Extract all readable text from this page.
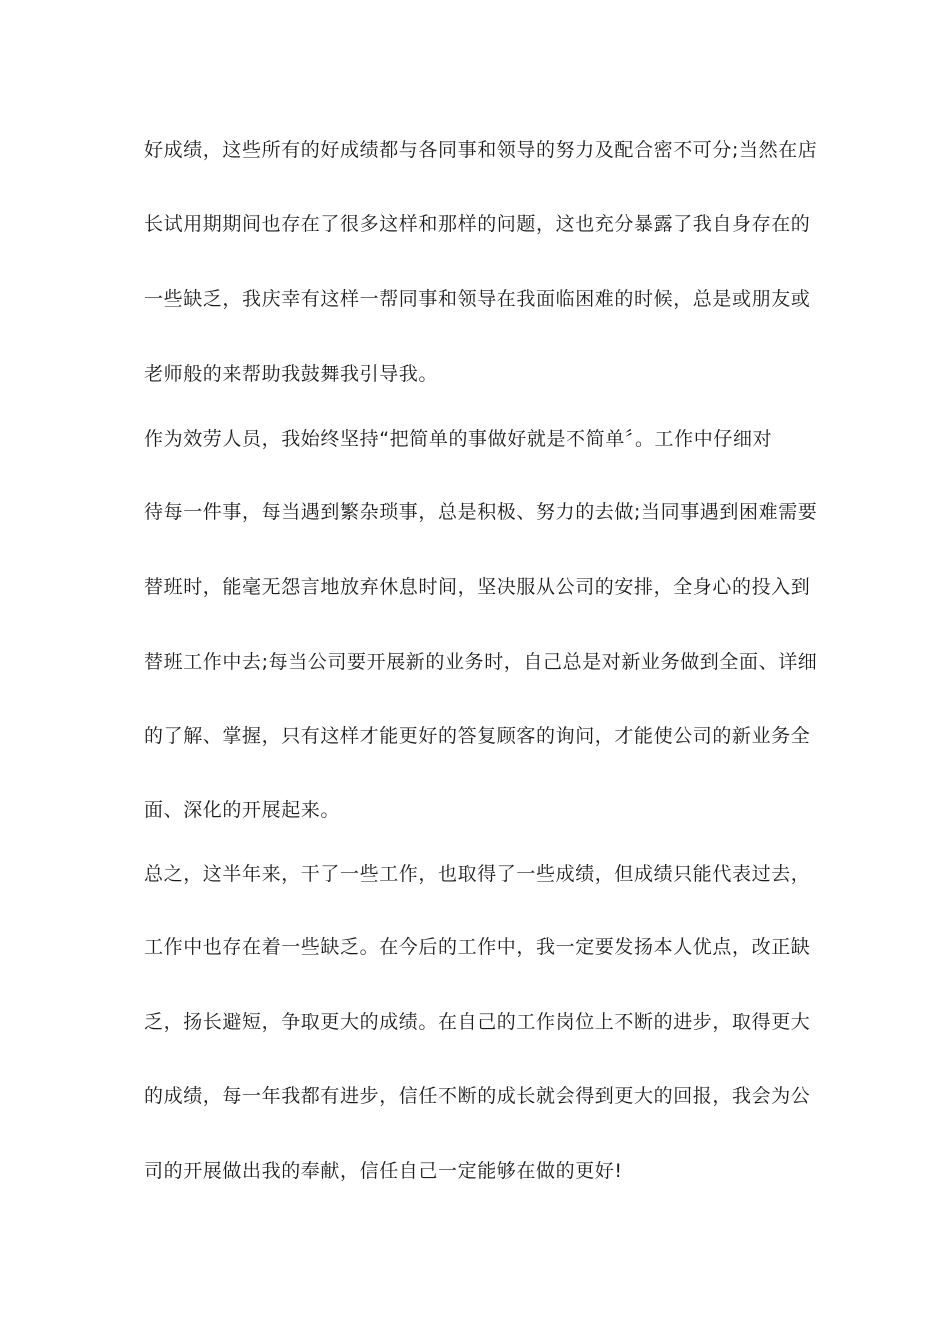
好成绩，这些所有的好成绩都与各同事和领导的努力及配合密不可分;当然在店
长试用期期间也存在了很多这样和那样的问题，这也充分暴露了我自身存在的
一些缺乏，我庆幸有这样一帮同事和领导在我面临困难的时候，总是或朋友或
老师般的来帮助我鼓舞我引导我。
作为效劳人员，我始终坚持“把简单的事做好就是不简单〞。工作中仔细对
待每一件事，每当遇到繁杂琐事，总是积极、努力的去做;当同事遇到困难需要
替班时，能毫无怨言地放弃休息时间，坚决服从公司的安排，全身心的投入到
替班工作中去;每当公司要开展新的业务时，自己总是对新业务做到全面、详细
的了解、掌握，只有这样才能更好的答复顾客的询问，才能使公司的新业务全
面、深化的开展起来。
总之，这半年来，干了一些工作，也取得了一些成绩，但成绩只能代表过去，
工作中也存在着一些缺乏。在今后的工作中，我一定要发扬本人优点，改正缺
乏，扬长避短，争取更大的成绩。在自己的工作岗位上不断的进步，取得更大
的成绩，每一年我都有进步，信任不断的成长就会得到更大的回报，我会为公
司的开展做出我的奉献，信任自己一定能够在做的更好!
